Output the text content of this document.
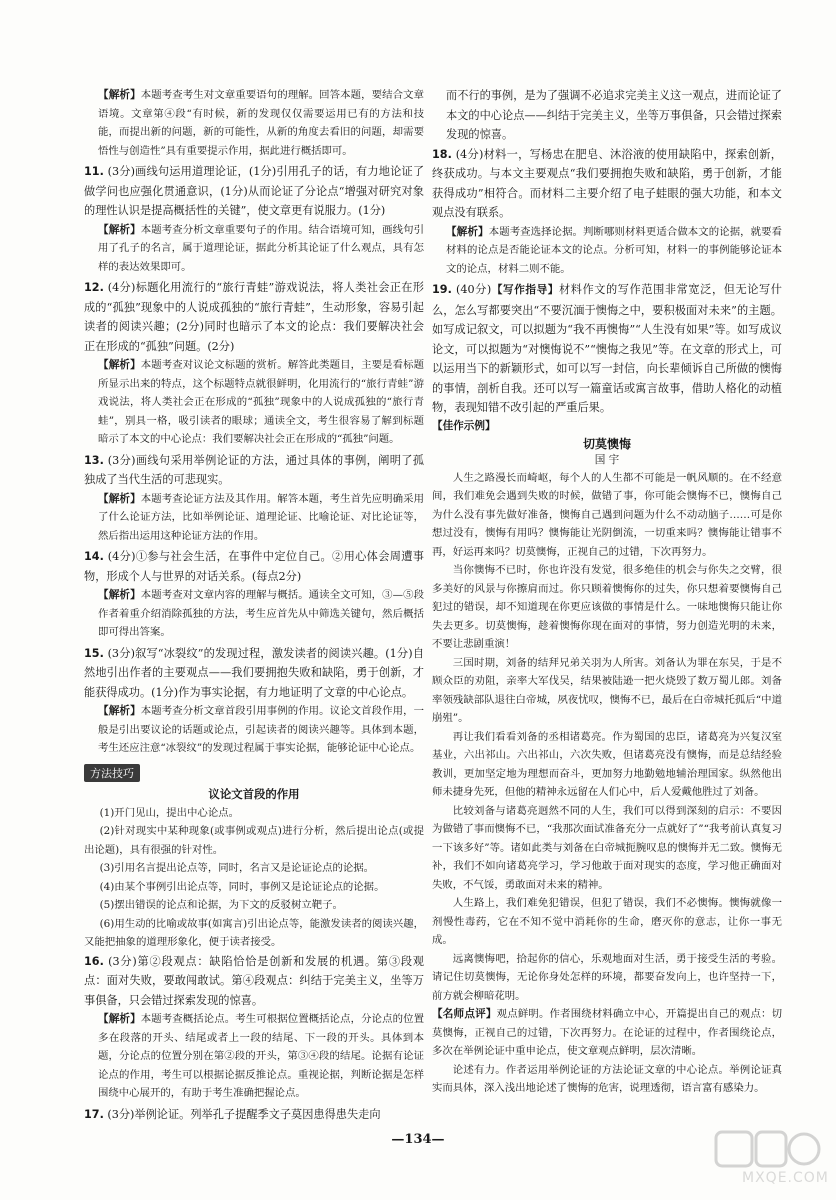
【解析】本题考查考生对文章重要语句的理解。回答本题，要结合文章语境。文章第④段“有时候，新的发现仅仅需要运用已有的方法和技能，而提出新的问题，新的可能性，从新的角度去看旧的问题，却需要悟性与创造性”具有重要提示作用，据此进行概括即可。

11. (3分)画线句运用道理论证，(1分)引用孔子的话，有力地论证了做学问也应强化贯通意识，(1分)从而论证了分论点“增强对研究对象的理性认识是提高概括性的关键”，使文章更有说服力。(1分)

【解析】本题考查分析文章重要句子的作用。结合语境可知，画线句引用了孔子的名言，属于道理论证，据此分析其论证了什么观点，具有怎样的表达效果即可。

12. (4分)标题化用流行的“旅行青蛙”游戏说法，将人类社会正在形成的“孤独”现象中的人说成孤独的“旅行青蛙”，生动形象，容易引起读者的阅读兴趣；(2分)同时也暗示了本文的论点：我们要解决社会正在形成的“孤独”问题。(2分)

【解析】本题考查对议论文标题的赏析。解答此类题目，主要是看标题所显示出来的特点，这个标题特点就很鲜明，化用流行的“旅行青蛙”游戏说法，将人类社会正在形成的“孤独”现象中的人说成孤独的“旅行青蛙”，别具一格，吸引读者的眼球；通读全文，考生很容易了解到标题暗示了本文的中心论点：我们要解决社会正在形成的“孤独”问题。

13. (3分)画线句采用举例论证的方法，通过具体的事例，阐明了孤独成了当代生活的可悲现实。

【解析】本题考查论证方法及其作用。解答本题，考生首先应明确采用了什么论证方法，比如举例论证、道理论证、比喻论证、对比论证等，然后指出运用这种论证方法的作用。

14. (4分)①参与社会生活，在事件中定位自己。②用心体会周遭事物，形成个人与世界的对话关系。(每点2分)

【解析】本题考查对文章内容的理解与概括。通读全文可知，③—⑤段作者着重介绍消除孤独的方法，考生应首先从中筛选关键句，然后概括即可得出答案。

15. (3分)叙写“冰裂纹”的发现过程，激发读者的阅读兴趣。(1分)自然地引出作者的主要观点——我们要拥抱失败和缺陷，勇于创新，才能获得成功。(1分)作为事实论据，有力地证明了文章的中心论点。

【解析】本题考查分析文章首段引用事例的作用。议论文首段作用，一般是引出要议论的话题或论点，引起读者的阅读兴趣等。具体到本题，考生还应注意“冰裂纹”的发现过程属于事实论据，能够论证中心论点。

方法技巧
议论文首段的作用

(1)开门见山，提出中心论点。

(2)针对现实中某种现象(或事例或观点)进行分析，然后提出论点(或提出论题)，具有很强的针对性。

(3)引用名言提出论点等，同时，名言又是论证论点的论据。

(4)由某个事例引出论点等，同时，事例又是论证论点的论据。

(5)摆出错误的论点和论据，为下文的反驳树立靶子。

(6)用生动的比喻或故事(如寓言)引出论点等，能激发读者的阅读兴趣，又能把抽象的道理形象化，便于读者接受。

16. (3分)第②段观点：缺陷恰恰是创新和发展的机遇。第③段观点：面对失败，要敢闯敢试。第④段观点：纠结于完美主义，坐等万事俱备，只会错过探索发现的惊喜。

【解析】本题考查概括论点。考生可根据位置概括论点，分论点的位置多在段落的开头、结尾或者上一段的结尾、下一段的开头。具体到本题，分论点的位置分别在第②段的开头，第③④段的结尾。论据有论证论点的作用，考生可以根据论据反推论点。重视论据，判断论据是怎样围绕中心展开的，有助于考生准确把握论点。

17. (3分)举例论证。列举孔子提醒季文子莫因患得患失走向

而不行的事例，是为了强调不必追求完美主义这一观点，进而论证了本文的中心论点——纠结于完美主义，坐等万事俱备，只会错过探索发现的惊喜。

18. (4分)材料一，写杨忠在肥皂、沐浴液的使用缺陷中，探索创新，终获成功。与本文主要观点“我们要拥抱失败和缺陷，勇于创新，才能获得成功”相符合。而材料二主要介绍了电子蛙眼的强大功能，和本文观点没有联系。

【解析】本题考查选择论据。判断哪则材料更适合做本文的论据，就要看材料的论点是否能论证本文的论点。分析可知，材料一的事例能够论证本文的论点，材料二则不能。

19. (40分)【写作指导】材料作文的写作范围非常宽泛，但无论写什么，怎么写都要突出“不要沉湎于懊悔之中，要积极面对未来”的主题。如写成记叙文，可以拟题为“我不再懊悔”“人生没有如果”等。如写成议论文，可以拟题为“对懊悔说不”“懊悔之我见”等。在文章的形式上，可以运用当下的新颖形式，如可以写一封信，向长辈倾诉自己所做的懊悔的事情，剖析自我。还可以写一篇童话或寓言故事，借助人格化的动植物，表现知错不改引起的严重后果。

【佳作示例】
切莫懊悔
国 宇

人生之路漫长而崎岖，每个人的人生都不可能是一帆风顺的。在不经意间，我们难免会遇到失败的时候，做错了事，你可能会懊悔不已，懊悔自己为什么没有事先做好准备，懊悔自己遇到问题为什么不动动脑子……可是你想过没有，懊悔有用吗？懊悔能让光阴倒流，一切重来吗？懊悔能让错事不再，好运再来吗？切莫懊悔，正视自己的过错，下次再努力。

当你懊悔不已时，你也许没有发觉，很多绝佳的机会与你失之交臂，很多美好的风景与你擦肩而过。你只顾着懊悔你的过失，你只想着要懊悔自己犯过的错误，却不知道现在你更应该做的事情是什么。一味地懊悔只能让你失去更多。切莫懊悔，趁着懊悔你现在面对的事情，努力创造光明的未来，不要让悲剧重演！

三国时期，刘备的结拜兄弟关羽为人所害。刘备认为罪在东吴，于是不顾众臣的劝阻，亲率大军伐吴，结果被陆逊一把火烧毁了数万蜀儿郎。刘备率领残缺部队退往白帝城，夙夜忧叹，懊悔不已，最后在白帝城托孤后“中道崩殂”。

再让我们看看刘备的丞相诸葛亮。作为蜀国的忠臣，诸葛亮为兴复汉室基业，六出祁山。六出祁山，六次失败，但诸葛亮没有懊悔，而是总结经验教训，更加坚定地为理想而奋斗，更加努力地勤勉地辅治理国家。纵然他出师未捷身先死，但他的精神永远留在人们心中，后人爱戴他胜过了刘备。

比较刘备与诸葛亮迥然不同的人生，我们可以得到深刻的启示：不要因为做错了事而懊悔不已，“我那次面试准备充分一点就好了”“我考前认真复习一下该多好”等。诸如此类与刘备在白帝城扼腕叹息的懊悔并无二致。懊悔无补，我们不如向诸葛亮学习，学习他敢于面对现实的态度，学习他正确面对失败，不气馁，勇敢面对未来的精神。

人生路上，我们难免犯错误，但犯了错误，我们不必懊悔。懊悔就像一剂慢性毒药，它在不知不觉中消耗你的生命，磨灭你的意志，让你一事无成。

远离懊悔吧，拾起你的信心，乐观地面对生活，勇于接受生活的考验。请记住切莫懊悔，无论你身处怎样的环境，都要奋发向上，也许坚持一下，前方就会柳暗花明。

【名师点评】观点鲜明。作者围绕材料确立中心，开篇提出自己的观点：切莫懊悔，正视自己的过错，下次再努力。在论证的过程中，作者围绕论点，多次在举例论证中重申论点，使文章观点鲜明，层次清晰。

论述有力。作者运用举例论证的方法论证文章的中心论点。举例论证真实而具体，深入浅出地论述了懊悔的危害，说理透彻，语言富有感染力。

—134—
MXQE.COM
